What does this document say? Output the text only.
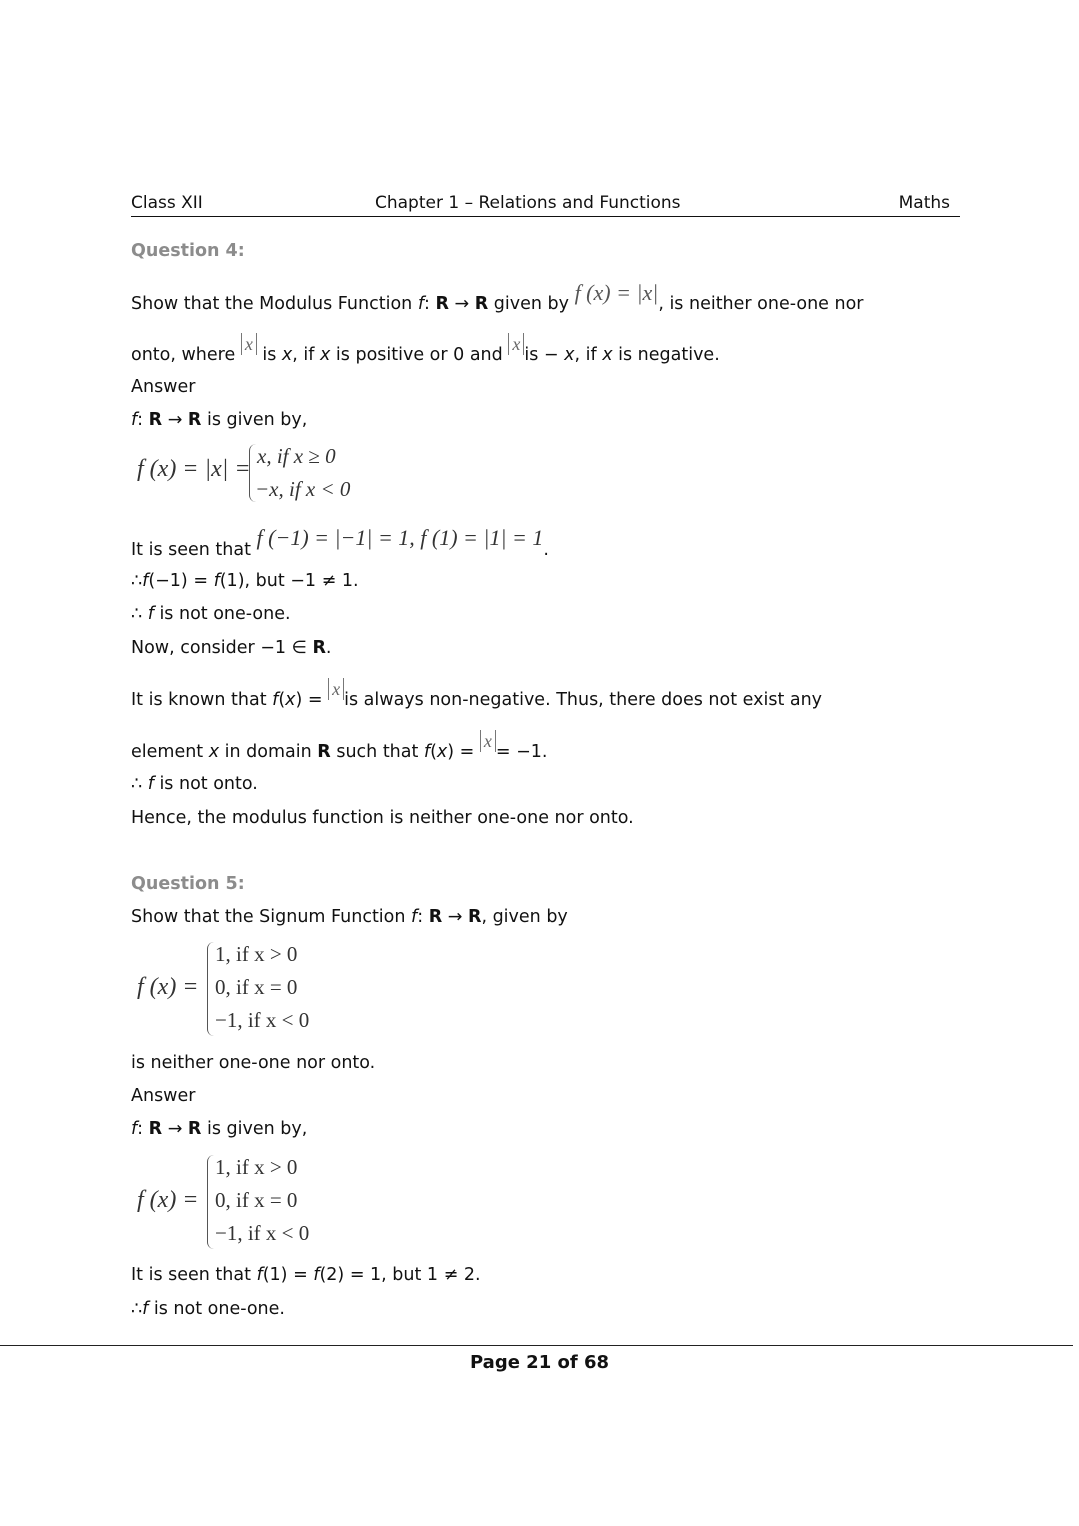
Class XII	Chapter 1 – Relations and Functions	Maths
Question 4:
Show that the Modulus Function f: R → R given by f (x) = |x|, is neither one-one nor
onto, where x is x, if x is positive or 0 and xis − x, if x is negative.
Answer
f: R → R is given by,
f (x) = |x| = x, if x ≥ 0
−x, if x < 0
It is seen that f (−1) = |−1| = 1, f (1) = |1| = 1.
∴f(−1) = f(1), but −1 ≠ 1.
∴ f is not one-one.
Now, consider −1 ∈ R.
It is known that f(x) = xis always non-negative. Thus, there does not exist any
element x in domain R such that f(x) = x= −1.
∴ f is not onto.
Hence, the modulus function is neither one-one nor onto.
Question 5:
Show that the Signum Function f: R → R, given by
f (x) =
1, if x > 0
0, if x = 0
−1, if x < 0
is neither one-one nor onto.
Answer
f: R → R is given by,
f (x) =
1, if x > 0
0, if x = 0
−1, if x < 0
It is seen that f(1) = f(2) = 1, but 1 ≠ 2.
∴f is not one-one.
Page 21 of 68
